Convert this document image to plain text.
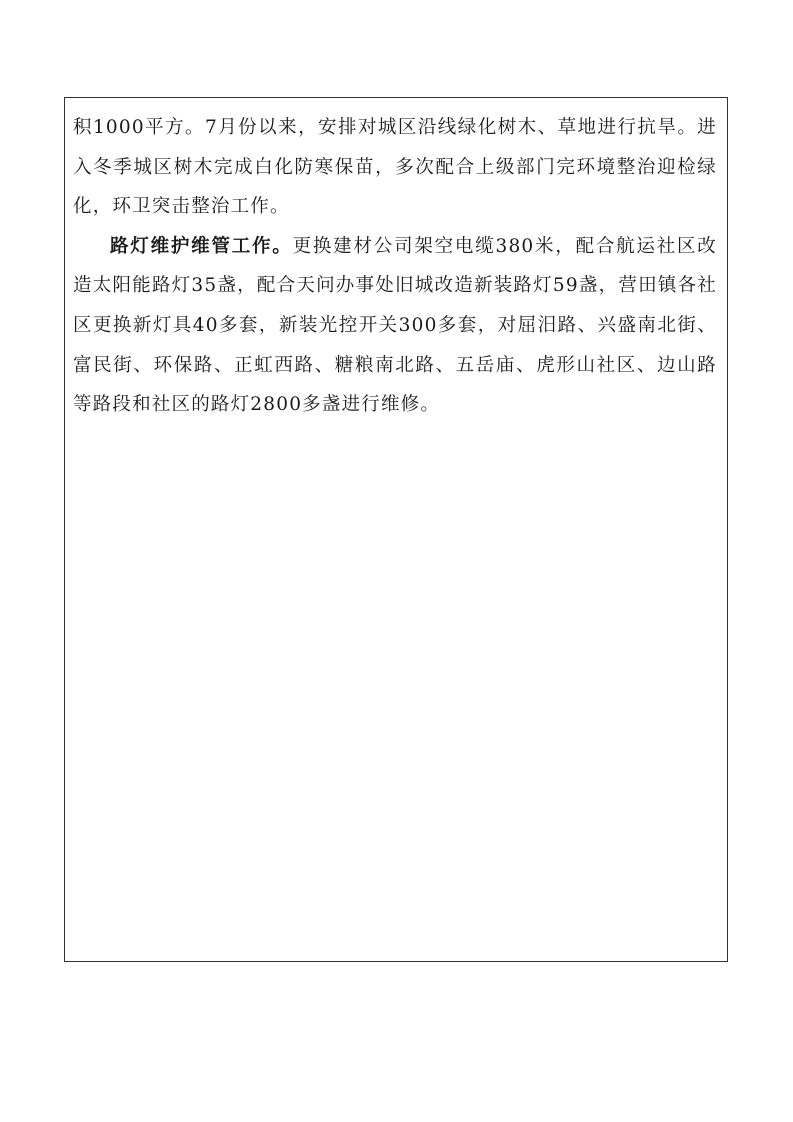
积1000平方。7月份以来，安排对城区沿线绿化树木、草地进行抗旱。进入冬季城区树木完成白化防寒保苗，多次配合上级部门完环境整治迎检绿化，环卫突击整治工作。

路灯维护维管工作。更换建材公司架空电缆380米，配合航运社区改造太阳能路灯35盏，配合天问办事处旧城改造新装路灯59盏，营田镇各社区更换新灯具40多套，新装光控开关300多套，对屈汨路、兴盛南北街、富民街、环保路、正虹西路、糖粮南北路、五岳庙、虎形山社区、边山路等路段和社区的路灯2800多盏进行维修。
